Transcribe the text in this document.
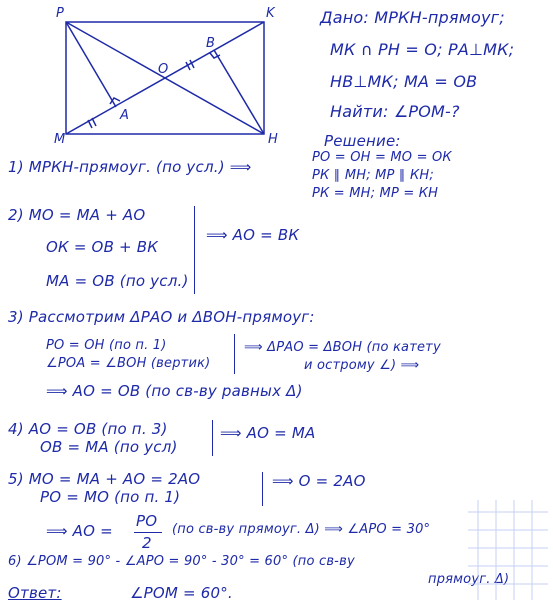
P	K
M	H
O
B
A
Дано: МРКН-прямоуг;
МК ∩ РН = О; РА⊥МК;
НВ⊥МК; МА = ОВ
Найти: ∠РОМ-?
Решение:
1) МРКН-прямоуг. (по усл.) ⟹
РО = ОН = МО = ОК
РК ∥ МН; МР ∥ КН;
РК = МН; МР = КН
2) МО = МА + АО
ОК = ОВ + ВК
МА = ОВ (по усл.)
⟹ АО = ВК
3) Рассмотрим ΔРАО и ΔВОН-прямоуг:
РО = ОН (по п. 1)
∠РОА = ∠ВОН (вертик)
⟹ ΔРАО = ΔВОН (по катету
и острому ∠) ⟹
⟹ АО = ОВ (по св-ву равных Δ)
4) АО = ОВ (по п. 3)
ОВ = МА (по усл)
⟹ АО = МА
5) МО = МА + АО = 2АО
РО = МО (по п. 1)
⟹ О = 2АО
⟹ АО =
РО
2
(по св-ву прямоуг. Δ) ⟹ ∠АРО = 30°
6) ∠РОМ = 90° - ∠АРО = 90° - 30° = 60° (по св-ву
прямоуг. Δ)
Ответ:	∠РОМ = 60°.
